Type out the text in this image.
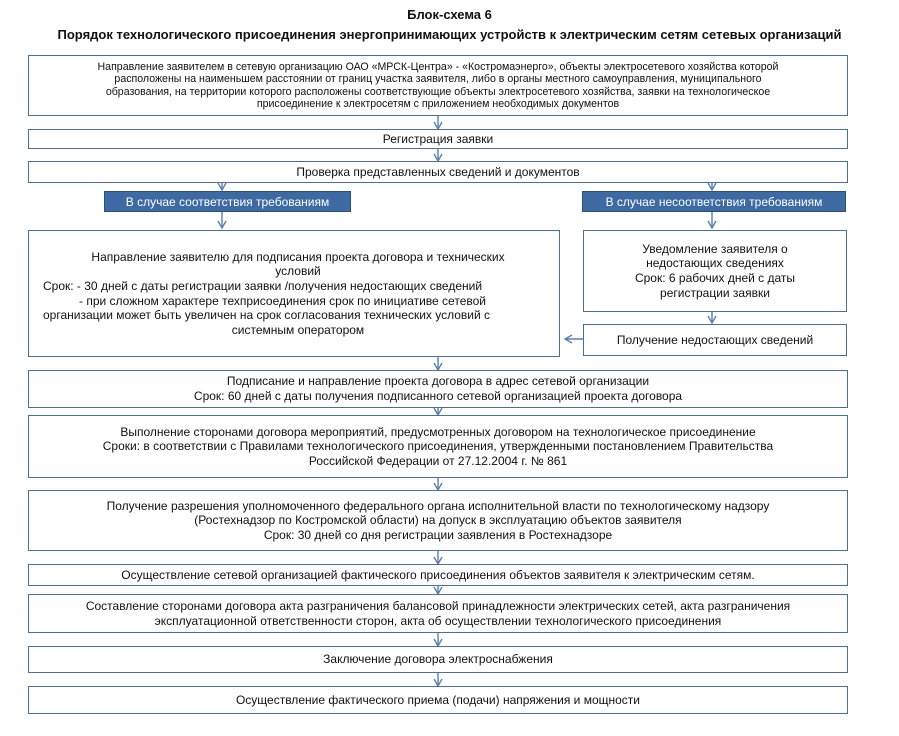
Блок-схема 6
Порядок технологического присоединения энергопринимающих устройств к электрическим сетям сетевых организаций
Направление заявителем в сетевую организацию ОАО «МРСК-Центра» - «Костромаэнерго», объекты электросетевого хозяйства которой
расположены на наименьшем расстоянии от границ участка заявителя, либо в органы местного самоуправления, муниципального
образования, на территории которого расположены соответствующие объекты электросетевого хозяйства, заявки на технологическое
присоединение к электросетям с приложением необходимых документов
Регистрация заявки
Проверка представленных сведений и документов
В случае соответствия требованиям	В случае несоответствия требованиям
Направление заявителю для подписания проекта договора и технических
условий
Срок: - 30 дней с даты регистрации заявки /получения недостающих сведений
- при сложном характере техприсоединения срок по инициативе сетевой
организации может быть увеличен на срок согласования технических условий с
системным оператором
Уведомление заявителя о
недостающих сведениях
Срок: 6 рабочих дней с даты
регистрации заявки
Получение недостающих сведений
Подписание и направление проекта договора в адрес сетевой организации
Срок: 60 дней с даты получения подписанного сетевой организацией проекта договора
Выполнение сторонами договора мероприятий, предусмотренных договором на технологическое присоединение
Сроки: в соответствии с Правилами технологического присоединения, утвержденными постановлением Правительства
Российской Федерации от 27.12.2004 г. № 861
Получение разрешения уполномоченного федерального органа исполнительной власти по технологическому надзору
(Ростехнадзор по Костромской области) на допуск в эксплуатацию объектов заявителя
Срок: 30 дней со дня регистрации заявления в Ростехнадзоре
Осуществление сетевой организацией фактического присоединения объектов заявителя к электрическим сетям.
Составление сторонами договора акта разграничения балансовой принадлежности электрических сетей, акта разграничения
эксплуатационной ответственности сторон, акта об осуществлении технологического присоединения
Заключение договора электроснабжения
Осуществление фактического приема (подачи) напряжения и мощности
